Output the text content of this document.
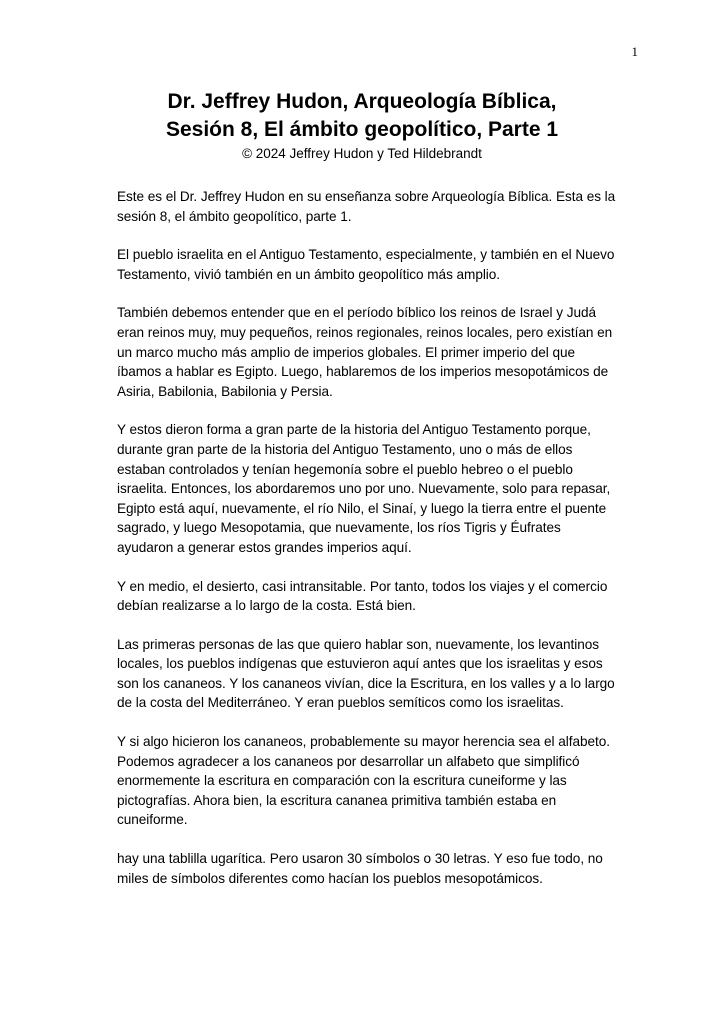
1
Dr. Jeffrey Hudon, Arqueología Bíblica,
Sesión 8, El ámbito geopolítico, Parte 1
© 2024 Jeffrey Hudon y Ted Hildebrandt

Este es el Dr. Jeffrey Hudon en su enseñanza sobre Arqueología Bíblica. Esta es la sesión 8, el ámbito geopolítico, parte 1.

El pueblo israelita en el Antiguo Testamento, especialmente, y también en el Nuevo Testamento, vivió también en un ámbito geopolítico más amplio.

También debemos entender que en el período bíblico los reinos de Israel y Judá eran reinos muy, muy pequeños, reinos regionales, reinos locales, pero existían en un marco mucho más amplio de imperios globales. El primer imperio del que íbamos a hablar es Egipto. Luego, hablaremos de los imperios mesopotámicos de Asiria, Babilonia, Babilonia y Persia.

Y estos dieron forma a gran parte de la historia del Antiguo Testamento porque, durante gran parte de la historia del Antiguo Testamento, uno o más de ellos estaban controlados y tenían hegemonía sobre el pueblo hebreo o el pueblo israelita. Entonces, los abordaremos uno por uno. Nuevamente, solo para repasar, Egipto está aquí, nuevamente, el río Nilo, el Sinaí, y luego la tierra entre el puente sagrado, y luego Mesopotamia, que nuevamente, los ríos Tigris y Éufrates ayudaron a generar estos grandes imperios aquí.

Y en medio, el desierto, casi intransitable. Por tanto, todos los viajes y el comercio debían realizarse a lo largo de la costa. Está bien.

Las primeras personas de las que quiero hablar son, nuevamente, los levantinos locales, los pueblos indígenas que estuvieron aquí antes que los israelitas y esos son los cananeos. Y los cananeos vivían, dice la Escritura, en los valles y a lo largo de la costa del Mediterráneo. Y eran pueblos semíticos como los israelitas.

Y si algo hicieron los cananeos, probablemente su mayor herencia sea el alfabeto. Podemos agradecer a los cananeos por desarrollar un alfabeto que simplificó enormemente la escritura en comparación con la escritura cuneiforme y las pictografías. Ahora bien, la escritura cananea primitiva también estaba en cuneiforme.

hay una tablilla ugarítica. Pero usaron 30 símbolos o 30 letras. Y eso fue todo, no miles de símbolos diferentes como hacían los pueblos mesopotámicos.
